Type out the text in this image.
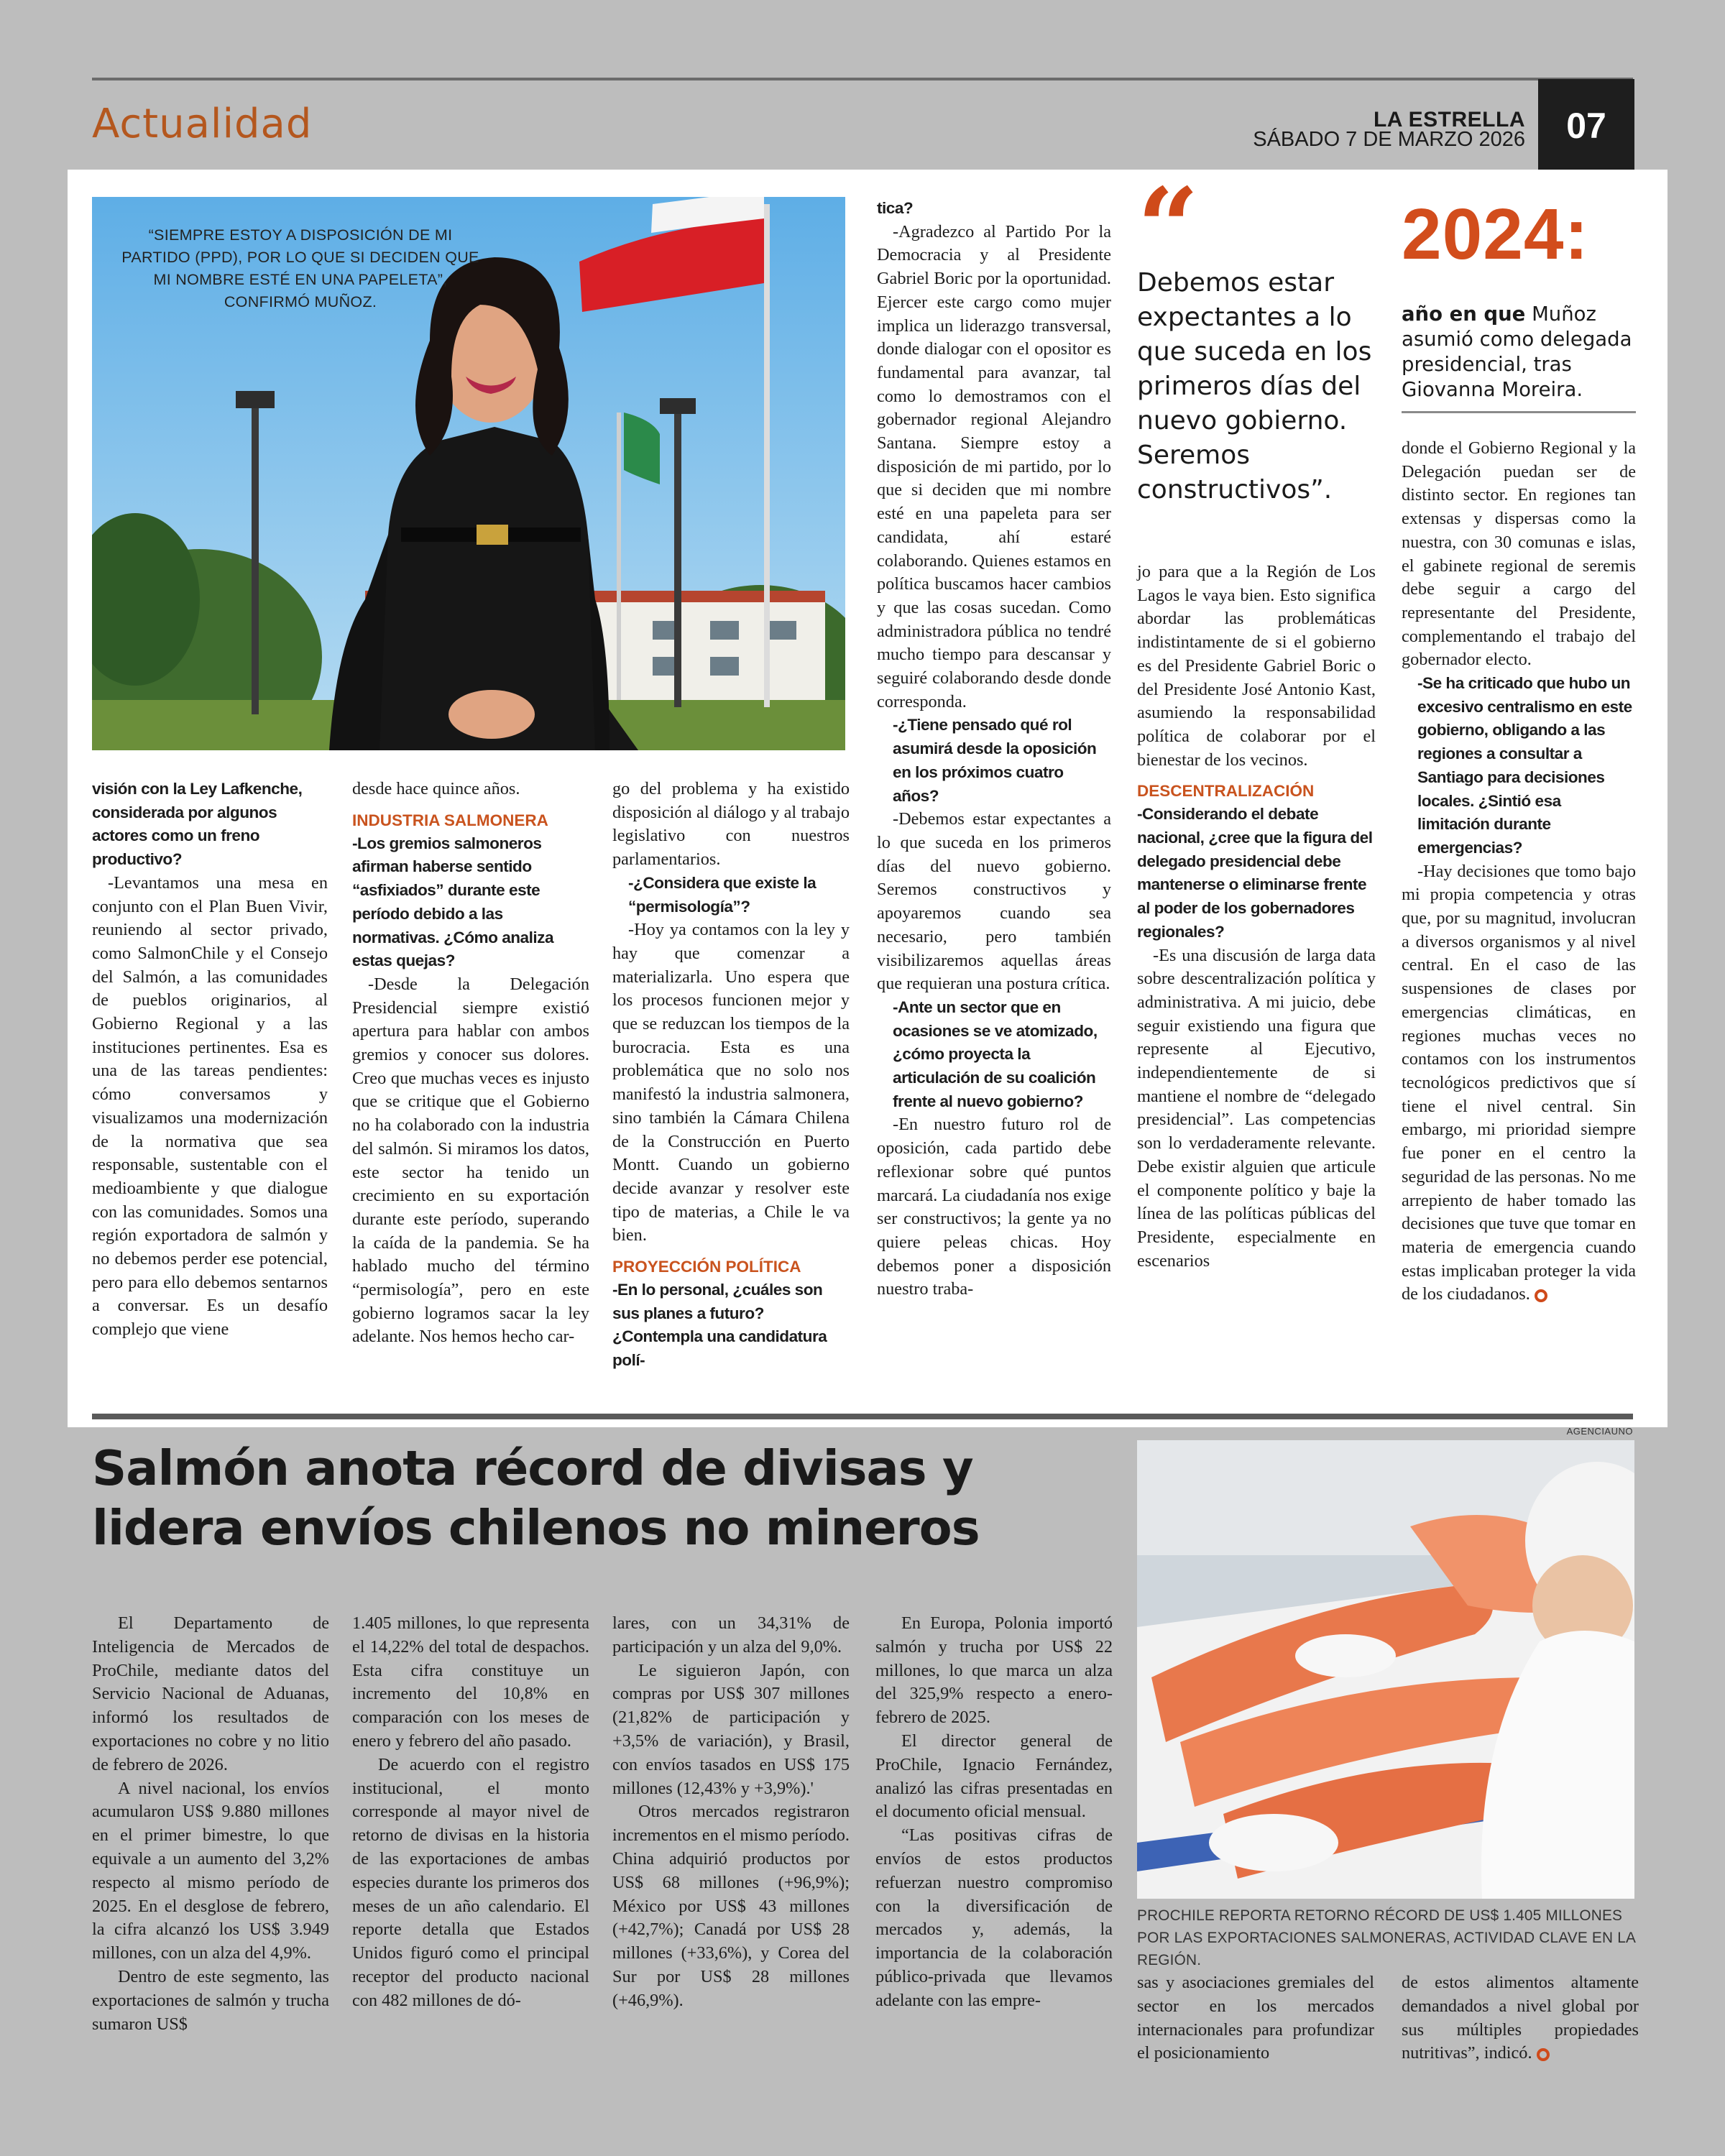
Actualidad	LA ESTRELLA
SÁBADO 7 DE MARZO 2026	07
“SIEMPRE ESTOY A DISPOSICIÓN DE MI PARTIDO (PPD), POR LO QUE SI DECIDEN QUE MI NOMBRE ESTÉ EN UNA PAPELETA”, CONFIRMÓ MUÑOZ.
visión con la Ley Lafkenche, considerada por algunos actores como un freno productivo?

-Levantamos una mesa en conjunto con el Plan Buen Vivir, reuniendo al sector privado, como SalmonChile y el Consejo del Salmón, a las comunidades de pueblos originarios, al Gobierno Regional y a las instituciones pertinentes. Esa es una de las tareas pendientes: cómo conversamos y visualizamos una modernización de la normativa que sea responsable, sustentable con el medioambiente y que dialogue con las comunidades. Somos una región exportadora de salmón y no debemos perder ese potencial, pero para ello debemos sentarnos a conversar. Es un desafío complejo que viene

desde hace quince años.
INDUSTRIA SALMONERA
-Los gremios salmoneros afirman haberse sentido “asfixiados” durante este período debido a las normativas. ¿Cómo analiza estas quejas?

-Desde la Delegación Presidencial siempre existió apertura para hablar con ambos gremios y conocer sus dolores. Creo que muchas veces es injusto que se critique que el Gobierno no ha colaborado con la industria del salmón. Si miramos los datos, este sector ha tenido un crecimiento en su exportación durante este período, superando la caída de la pandemia. Se ha hablado mucho del término “permisología”, pero en este gobierno logramos sacar la ley adelante. Nos hemos hecho car-

go del problema y ha existido disposición al diálogo y al trabajo legislativo con nuestros parlamentarios.
-¿Considera que existe la “permisología”?

-Hoy ya contamos con la ley y hay que comenzar a materializarla. Uno espera que los procesos funcionen mejor y que se reduzcan los tiempos de la burocracia. Esta es una problemática que no solo nos manifestó la industria salmonera, sino también la Cámara Chilena de la Construcción en Puerto Montt. Cuando un gobierno decide avanzar y resolver este tipo de materias, a Chile le va bien.

PROYECCIÓN POLÍTICA
-En lo personal, ¿cuáles son sus planes a futuro? ¿Contempla una candidatura polí-
tica?

-Agradezco al Partido Por la Democracia y al Presidente Gabriel Boric por la oportunidad. Ejercer este cargo como mujer implica un liderazgo transversal, donde dialogar con el opositor es fundamental para avanzar, tal como lo demostramos con el gobernador regional Alejandro Santana. Siempre estoy a disposición de mi partido, por lo que si deciden que mi nombre esté en una papeleta para ser candidata, ahí estaré colaborando. Quienes estamos en política buscamos hacer cambios y que las cosas sucedan. Como administradora pública no tendré mucho tiempo para descansar y seguiré colaborando desde donde corresponda.

-¿Tiene pensado qué rol asumirá desde la oposición en los próximos cuatro años?

-Debemos estar expectantes a lo que suceda en los primeros días del nuevo gobierno. Seremos constructivos y apoyaremos cuando sea necesario, pero también visibilizaremos aquellas áreas que requieran una postura crítica.

-Ante un sector que en ocasiones se ve atomizado, ¿cómo proyecta la articulación de su coalición frente al nuevo gobierno?

-En nuestro futuro rol de oposición, cada partido debe reflexionar sobre qué puntos marcará. La ciudadanía nos exige ser constructivos; la gente ya no quiere peleas chicas. Hoy debemos poner a disposición nuestro traba-

“
Debemos estar expectantes a lo que suceda en los primeros días del nuevo gobierno. Seremos constructivos”.
jo para que a la Región de Los Lagos le vaya bien. Esto significa abordar las problemáticas indistintamente de si el gobierno es del Presidente Gabriel Boric o del Presidente José Antonio Kast, asumiendo la responsabilidad política de colaborar por el bienestar de los vecinos.
DESCENTRALIZACIÓN
-Considerando el debate nacional, ¿cree que la figura del delegado presidencial debe mantenerse o eliminarse frente al poder de los gobernadores regionales?

-Es una discusión de larga data sobre descentralización política y administrativa. A mi juicio, debe seguir existiendo una figura que represente al Ejecutivo, independientemente de si mantiene el nombre de “delegado presidencial”. Las competencias son lo verdaderamente relevante. Debe existir alguien que articule el componente político y baje la línea de las políticas públicas del Presidente, especialmente en escenarios

2024:
año en que Muñoz asumió como delegada presidencial, tras Giovanna Moreira.
donde el Gobierno Regional y la Delegación puedan ser de distinto sector. En regiones tan extensas y dispersas como la nuestra, con 30 comunas e islas, el gabinete regional de seremis debe seguir a cargo del representante del Presidente, complementando el trabajo del gobernador electo.
-Se ha criticado que hubo un excesivo centralismo en este gobierno, obligando a las regiones a consultar a Santiago para decisiones locales. ¿Sintió esa limitación durante emergencias?

-Hay decisiones que tomo bajo mi propia competencia y otras que, por su magnitud, involucran a diversos organismos y al nivel central. En el caso de las suspensiones de clases por emergencias climáticas, en regiones muchas veces no contamos con los instrumentos tecnológicos predictivos que sí tiene el nivel central. Sin embargo, mi prioridad siempre fue poner en el centro la seguridad de las personas. No me arrepiento de haber tomado las decisiones que tuve que tomar en materia de emergencia cuando estas implicaban proteger la vida de los ciudadanos.

Salmón anota récord de divisas y lidera envíos chilenos no mineros
AGENCIAUNO
PROCHILE REPORTA RETORNO RÉCORD DE US$ 1.405 MILLONES POR LAS EXPORTACIONES SALMONERAS, ACTIVIDAD CLAVE EN LA REGIÓN.

El Departamento de Inteligencia de Mercados de ProChile, mediante datos del Servicio Nacional de Aduanas, informó los resultados de exportaciones no cobre y no litio de febrero de 2026.

A nivel nacional, los envíos acumularon US$ 9.880 millones en el primer bimestre, lo que equivale a un aumento del 3,2% respecto al mismo período de 2025. En el desglose de febrero, la cifra alcanzó los US$ 3.949 millones, con un alza del 4,9%.

Dentro de este segmento, las exportaciones de salmón y trucha sumaron US$

1.405 millones, lo que representa el 14,22% del total de despachos. Esta cifra constituye un incremento del 10,8% en comparación con los meses de enero y febrero del año pasado.

De acuerdo con el registro institucional, el monto corresponde al mayor nivel de retorno de divisas en la historia de las exportaciones de ambas especies durante los primeros dos meses de un año calendario. El reporte detalla que Estados Unidos figuró como el principal receptor del producto nacional con 482 millones de dó-

lares, con un 34,31% de participación y un alza del 9,0%.

Le siguieron Japón, con compras por US$ 307 millones (21,82% de participación y +3,5% de variación), y Brasil, con envíos tasados en US$ 175 millones (12,43% y +3,9%).'

Otros mercados registraron incrementos en el mismo período. China adquirió productos por US$ 68 millones (+96,9%); México por US$ 43 millones (+42,7%); Canadá por US$ 28 millones (+33,6%), y Corea del Sur por US$ 28 millones (+46,9%).

En Europa, Polonia importó salmón y trucha por US$ 22 millones, lo que marca un alza del 325,9% respecto a enero-febrero de 2025.

El director general de ProChile, Ignacio Fernández, analizó las cifras presentadas en el documento oficial mensual.

“Las positivas cifras de envíos de estos productos refuerzan nuestro compromiso con la diversificación de mercados y, además, la importancia de la colaboración público-privada que llevamos adelante con las empre-

sas y asociaciones gremiales del sector en los mercados internacionales para profundizar el posicionamiento
de estos alimentos altamente demandados a nivel global por sus múltiples propiedades nutritivas”, indicó.
